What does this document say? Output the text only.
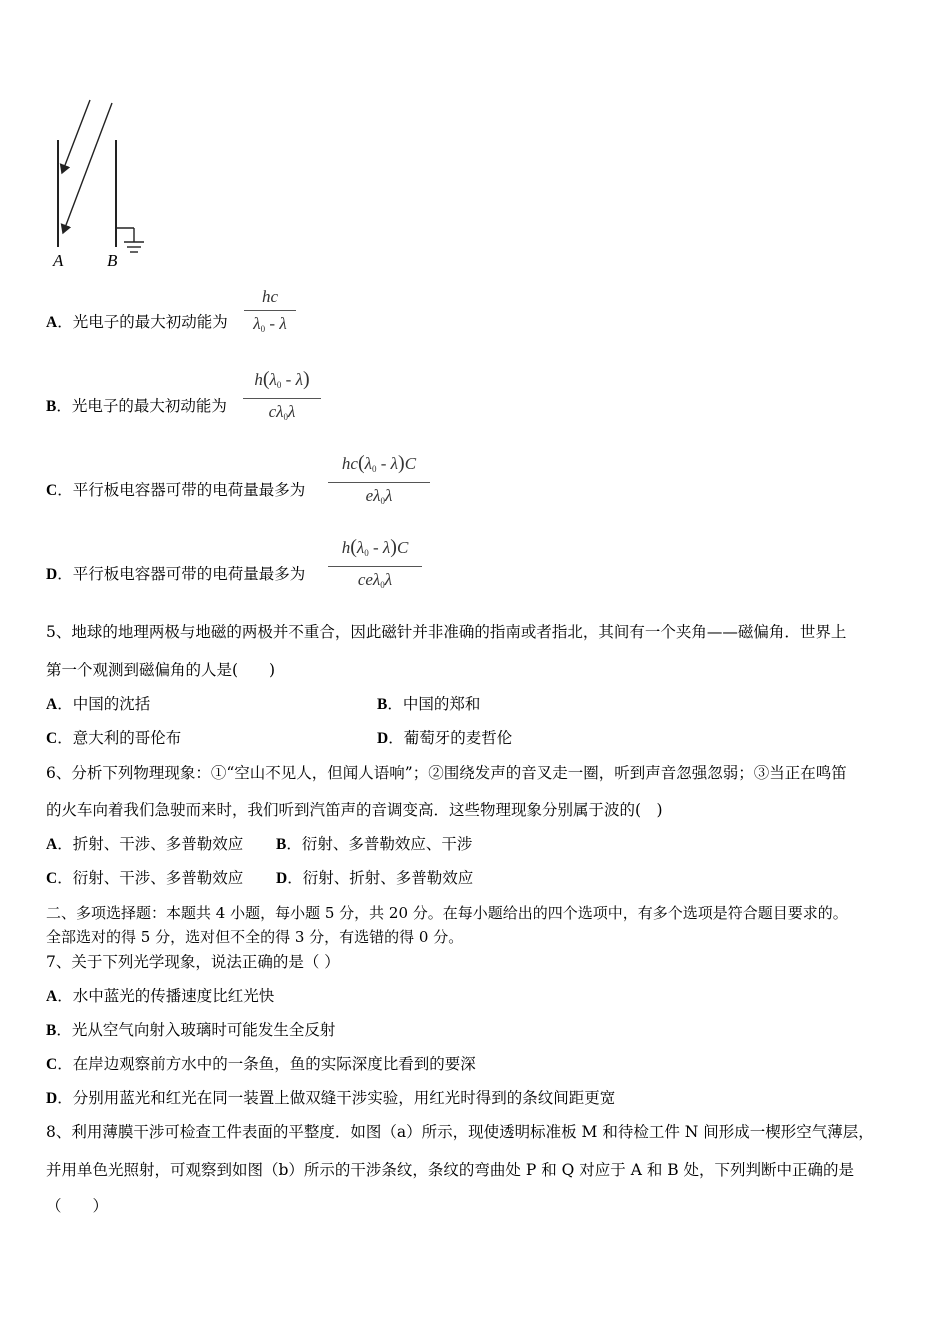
A	B
A．光电子的最大初动能为
hc
$\lambda_0$ - λ
B．光电子的最大初动能为
$h(\lambda_0 - \lambda)$
$c\lambda_0\lambda$
C．平行板电容器可带的电荷量最多为
$hc(\lambda_0 - \lambda)C$
$e\lambda_0\lambda$
D．平行板电容器可带的电荷量最多为
$h(\lambda_0 - \lambda)C$
ceλ$_0$λ
5、地球的地理两极与地磁的两极并不重合，因此磁针并非准确的指南或者指北，其间有一个夹角——磁偏角．世界上
第一个观测到磁偏角的人是(　　)
A．中国的沈括	B．中国的郑和
C．意大利的哥伦布	D．葡萄牙的麦哲伦
6、分析下列物理现象：①“空山不见人，但闻人语响”；②围绕发声的音叉走一圈，听到声音忽强忽弱；③当正在鸣笛
的火车向着我们急驶而来时，我们听到汽笛声的音调变高．这些物理现象分别属于波的(　)
A．折射、干涉、多普勒效应 B．衍射、多普勒效应、干涉
C．衍射、干涉、多普勒效应 D．衍射、折射、多普勒效应
二、多项选择题：本题共 4 小题，每小题 5 分，共 20 分。在每小题给出的四个选项中，有多个选项是符合题目要求的。
全部选对的得 5 分，选对但不全的得 3 分，有选错的得 0 分。
7、关于下列光学现象，说法正确的是（ ）
A．水中蓝光的传播速度比红光快
B．光从空气向射入玻璃时可能发生全反射
C．在岸边观察前方水中的一条鱼，鱼的实际深度比看到的要深
D．分别用蓝光和红光在同一装置上做双缝干涉实验，用红光时得到的条纹间距更宽
8、利用薄膜干涉可检查工件表面的平整度．如图（a）所示，现使透明标准板 M 和待检工件 N 间形成一楔形空气薄层，
并用单色光照射，可观察到如图（b）所示的干涉条纹，条纹的弯曲处 P 和 Q 对应于 A 和 B 处，下列判断中正确的是
（　　）
